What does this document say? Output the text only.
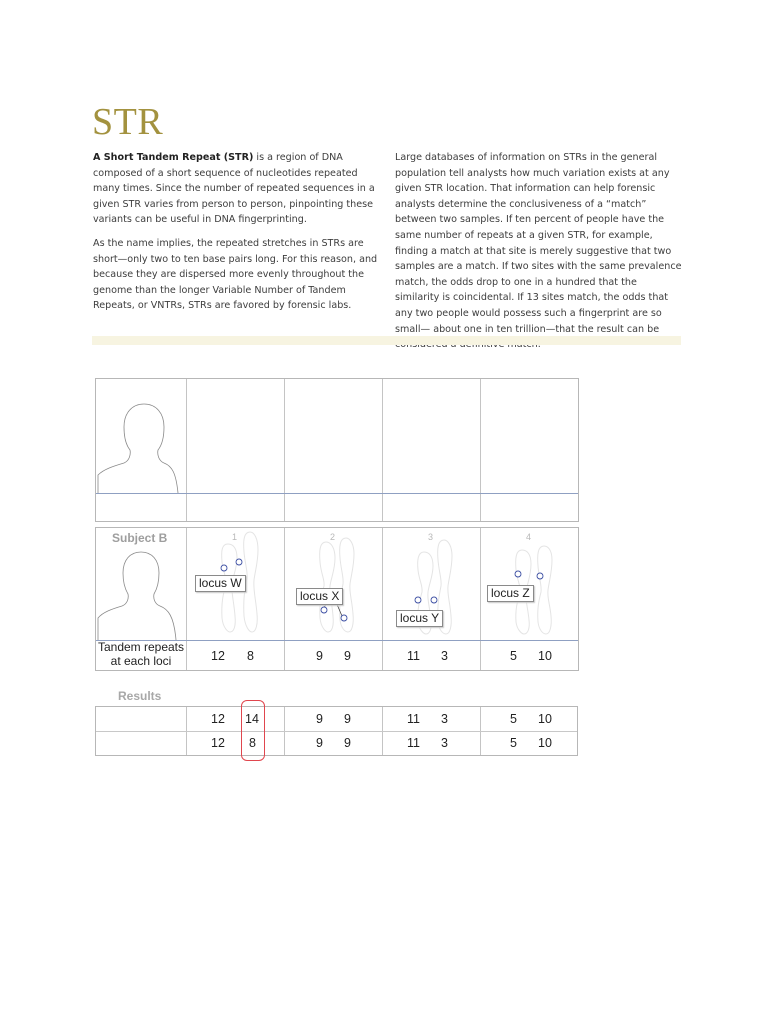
STR

A Short Tandem Repeat (STR) is a region of DNA composed of a short sequence of nucleotides repeated many times. Since the number of repeated sequences in a given STR varies from person to person, pinpointing these variants can be useful in DNA fingerprinting.

As the name implies, the repeated stretches in STRs are short—only two to ten base pairs long. For this reason, and because they are dispersed more evenly throughout the genome than the longer Variable Number of Tandem Repeats, or VNTRs, STRs are favored by forensic labs.

Large databases of information on STRs in the general population tell analysts how much variation exists at any given STR location. That information can help forensic analysts determine the conclusiveness of a “match” between two samples. If ten percent of people have the same number of repeats at a given STR, for example, finding a match at that site is merely suggestive that two samples are a match. If two sites with the same prevalence match, the odds drop to one in a hundred that the similarity is coincidental. If 13 sites match, the odds that any two people would possess such a fingerprint are so small— about one in ten trillion—that the result can be

Subject B	1	2	3	4
locus W
locus X
locus Y
locus Z
Tandem repeats at each loci	12 8	9 9	11 3	5 10
Results
12 14	9 9	11 3	5 10
12 8	9 9	11 3	5 10
